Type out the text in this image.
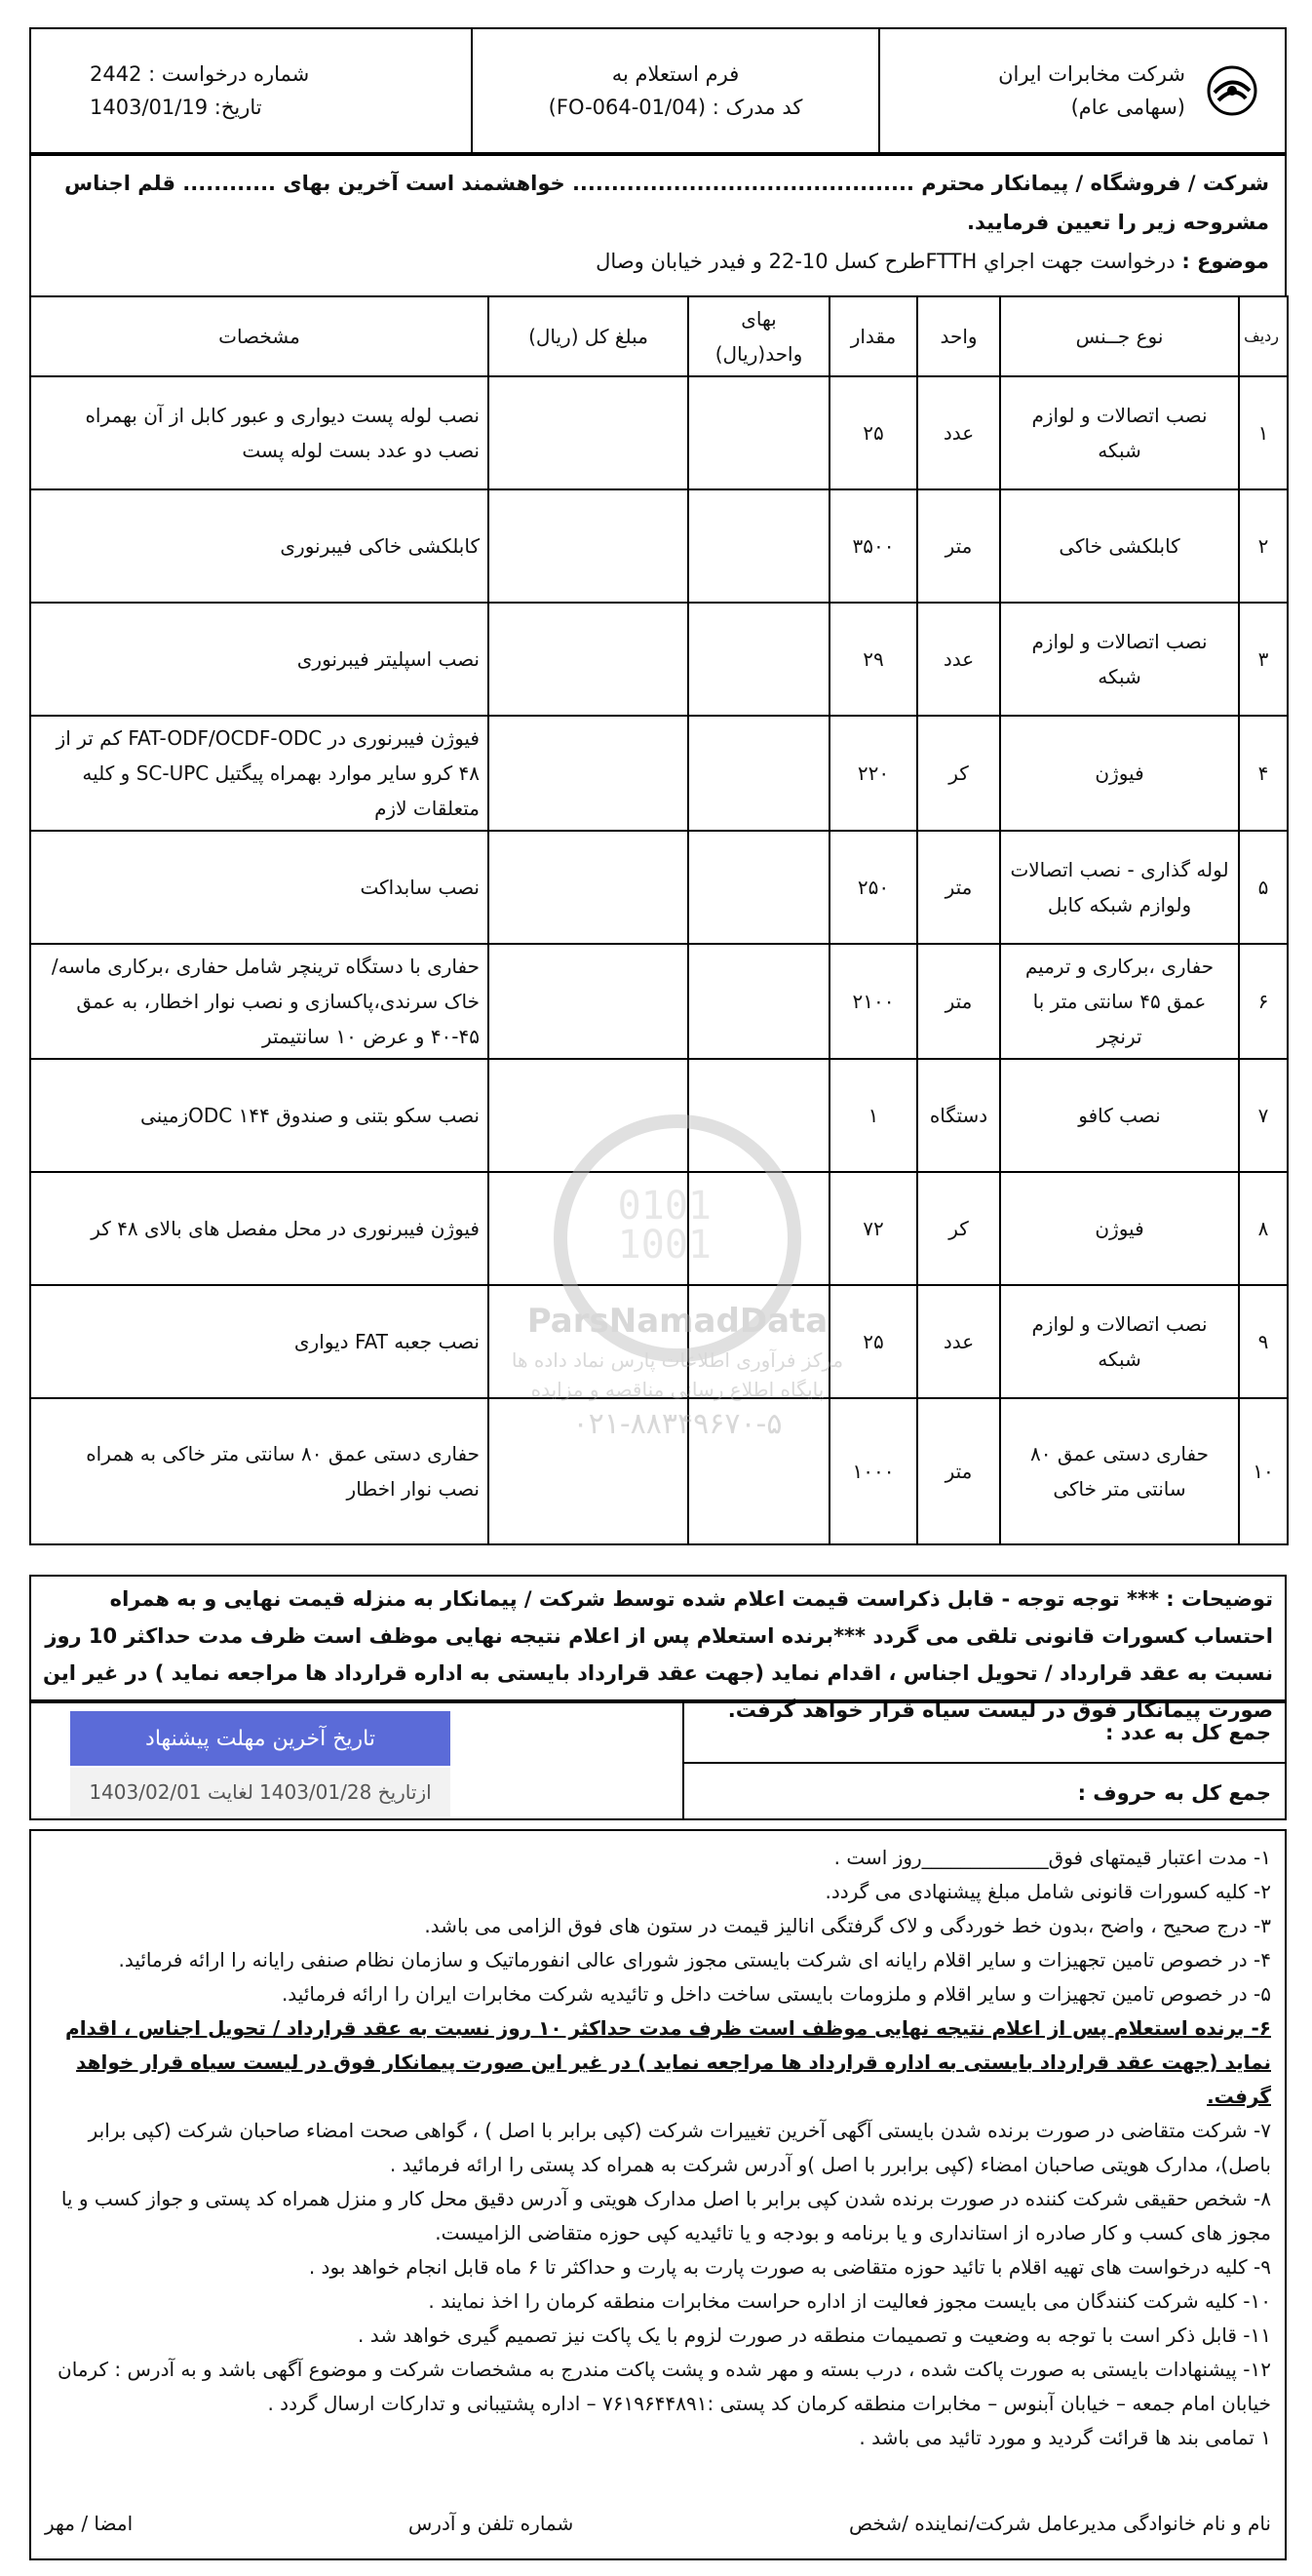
شرکت مخابرات ایران
(سهامی عام)
فرم استعلام به
کد مدرک : (FO-064-01/04)
شماره درخواست : 2442
تاریخ: 1403/01/19
شرکت / فروشگاه / پیمانکار محترم ............................................ خواهشمند است آخرین بهای ............ قلم اجناس مشروحه زیر را تعیین فرمایید.
موضوع : درخواست جهت اجراي FTTHطرح كسل 10-22 و فيدر خيابان وصال
ردیف	نوع جــنس	واحد	مقدار	بهای واحد(ریال)	مبلغ کل (ریال)	مشخصات
۱	نصب اتصالات و لوازم شبکه	عدد	۲۵			نصب لوله پست دیواری و عبور کابل از آن بهمراه نصب دو عدد بست لوله پست
۲	کابلکشی خاکی	متر	۳۵۰۰			کابلکشی خاکی فیبرنوری
۳	نصب اتصالات و لوازم شبکه	عدد	۲۹			نصب اسپلیتر فیبرنوری
۴	فیوژن	کر	۲۲۰			فیوژن فیبرنوری در FAT-ODF/OCDF-ODC کم تر از ۴۸ کرو سایر موارد بهمراه پیگتیل SC-UPC و کلیه متعلقات لازم
۵	لوله گذاری - نصب اتصالات ولوازم شبکه کابل	متر	۲۵۰			نصب سابداکت
۶	حفاری ،برکاری و ترمیم عمق ۴۵ سانتی متر با ترنچر	متر	۲۱۰۰			حفاری با دستگاه ترینچر شامل حفاری ،برکاری ماسه/ خاک سرندی،پاکسازی و نصب نوار اخطار، به عمق ۴۵-۴۰ و عرض ۱۰ سانتیمتر
۷	نصب کافو	دستگاه	۱			نصب سکو بتنی و صندوق ۱۴۴ ODCزمینی
۸	فیوژن	کر	۷۲			فیوژن فیبرنوری در محل مفصل های بالای ۴۸ کر
۹	نصب اتصالات و لوازم شبکه	عدد	۲۵			نصب جعبه FAT دیواری
۱۰	حفاری دستی عمق ۸۰ سانتی متر خاکی	متر	۱۰۰۰			حفاری دستی عمق ۸۰ سانتی متر خاکی به همراه نصب نوار اخطار
0101
1001
ParsNamadData
مرکز فرآوری اطلاعات پارس نماد داده ها
پایگاه اطلاع رسانی مناقصه و مزایده
۰۲۱-۸۸۳۴۹۶۷۰-۵
توضیحات : *** توجه توجه - قابل ذکراست قیمت اعلام شده توسط شرکت / پیمانکار به منزله قیمت نهایی و به همراه احتساب کسورات قانونی تلقی می گردد ***برنده استعلام پس از اعلام نتیجه نهایی موظف است ظرف مدت حداکثر 10 روز نسبت به عقد قرارداد / تحویل اجناس ، اقدام نماید (جهت عقد قرارداد بایستی به اداره قرارداد ها مراجعه نماید ) در غیر این صورت پیمانکار فوق در لیست سیاه قرار خواهد گرفت.
جمع کل به عدد :
جمع کل به حروف :
تاریخ آخرین مهلت پیشنهاد
ازتاریخ 1403/01/28
لغایت 1403/02/01

۱- مدت اعتبار قیمتهای فوق_____________روز است .

۲- کلیه کسورات قانونی شامل مبلغ پیشنهادی می گردد.

۳- درج صحیح ، واضح ،بدون خط خوردگی و لاک گرفتگی انالیز قیمت در ستون های فوق الزامی می باشد.

۴- در خصوص تامین تجهیزات و سایر اقلام رایانه ای شرکت بایستی مجوز شورای عالی انفورماتیک و سازمان نظام صنفی رایانه را ارائه فرمائید.

۵- در خصوص تامین تجهیزات و سایر اقلام و ملزومات بایستی ساخت داخل و تائیدیه شرکت مخابرات ایران را ارائه فرمائید.

۶- برنده استعلام پس از اعلام نتیجه نهایی موظف است ظرف مدت حداکثر ۱۰ روز نسبت به عقد قرارداد / تحویل اجناس ، اقدام نماید (جهت عقد قرارداد بایستی به اداره قرارداد ها مراجعه نماید ) در غیر این صورت پیمانکار فوق در لیست سیاه قرار خواهد گرفت.

۷- شرکت متقاضی در صورت برنده شدن بایستی آگهی آخرین تغییرات شرکت (کپی برابر با اصل ) ، گواهی صحت امضاء صاحبان شرکت (کپی برابر باصل)، مدارک هویتی صاحبان امضاء (کپی برابرر با اصل )و آدرس شرکت به همراه کد پستی را ارائه فرمائید .

۸- شخص حقیقی شرکت کننده در صورت برنده شدن کپی برابر با اصل مدارک هویتی و آدرس دقیق محل کار و منزل همراه کد پستی و جواز کسب و یا مجوز های کسب و کار صادره از استانداری و یا برنامه و بودجه و یا تائیدیه کپی حوزه متقاضی الزامیست.

۹- کلیه درخواست های تهیه اقلام با تائید حوزه متقاضی به صورت پارت به پارت و حداکثر تا ۶ ماه قابل انجام خواهد بود .

۱۰- کلیه شرکت کنندگان می بایست مجوز فعالیت از اداره حراست مخابرات منطقه کرمان را اخذ نمایند .

۱۱- قابل ذکر است با توجه به وضعیت و تصمیمات منطقه در صورت لزوم با یک پاکت نیز تصمیم گیری خواهد شد .

۱۲- پیشنهادات بایستی به صورت پاکت شده ، درب بسته و مهر شده و پشت پاکت مندرج به مشخصات شرکت و موضوع آگهی باشد و به آدرس : کرمان خیابان امام جمعه – خیابان آبنوس – مخابرات منطقه کرمان کد پستی :۷۶۱۹۶۴۴۸۹۱ – اداره پشتیبانی و تدارکات ارسال گردد .

۱ تمامی بند ها قرائت گردید و مورد تائید می باشد .

نام و نام خانوادگی مدیرعامل شرکت/نماینده /شخص
شماره تلفن و آدرس
امضا / مهر
